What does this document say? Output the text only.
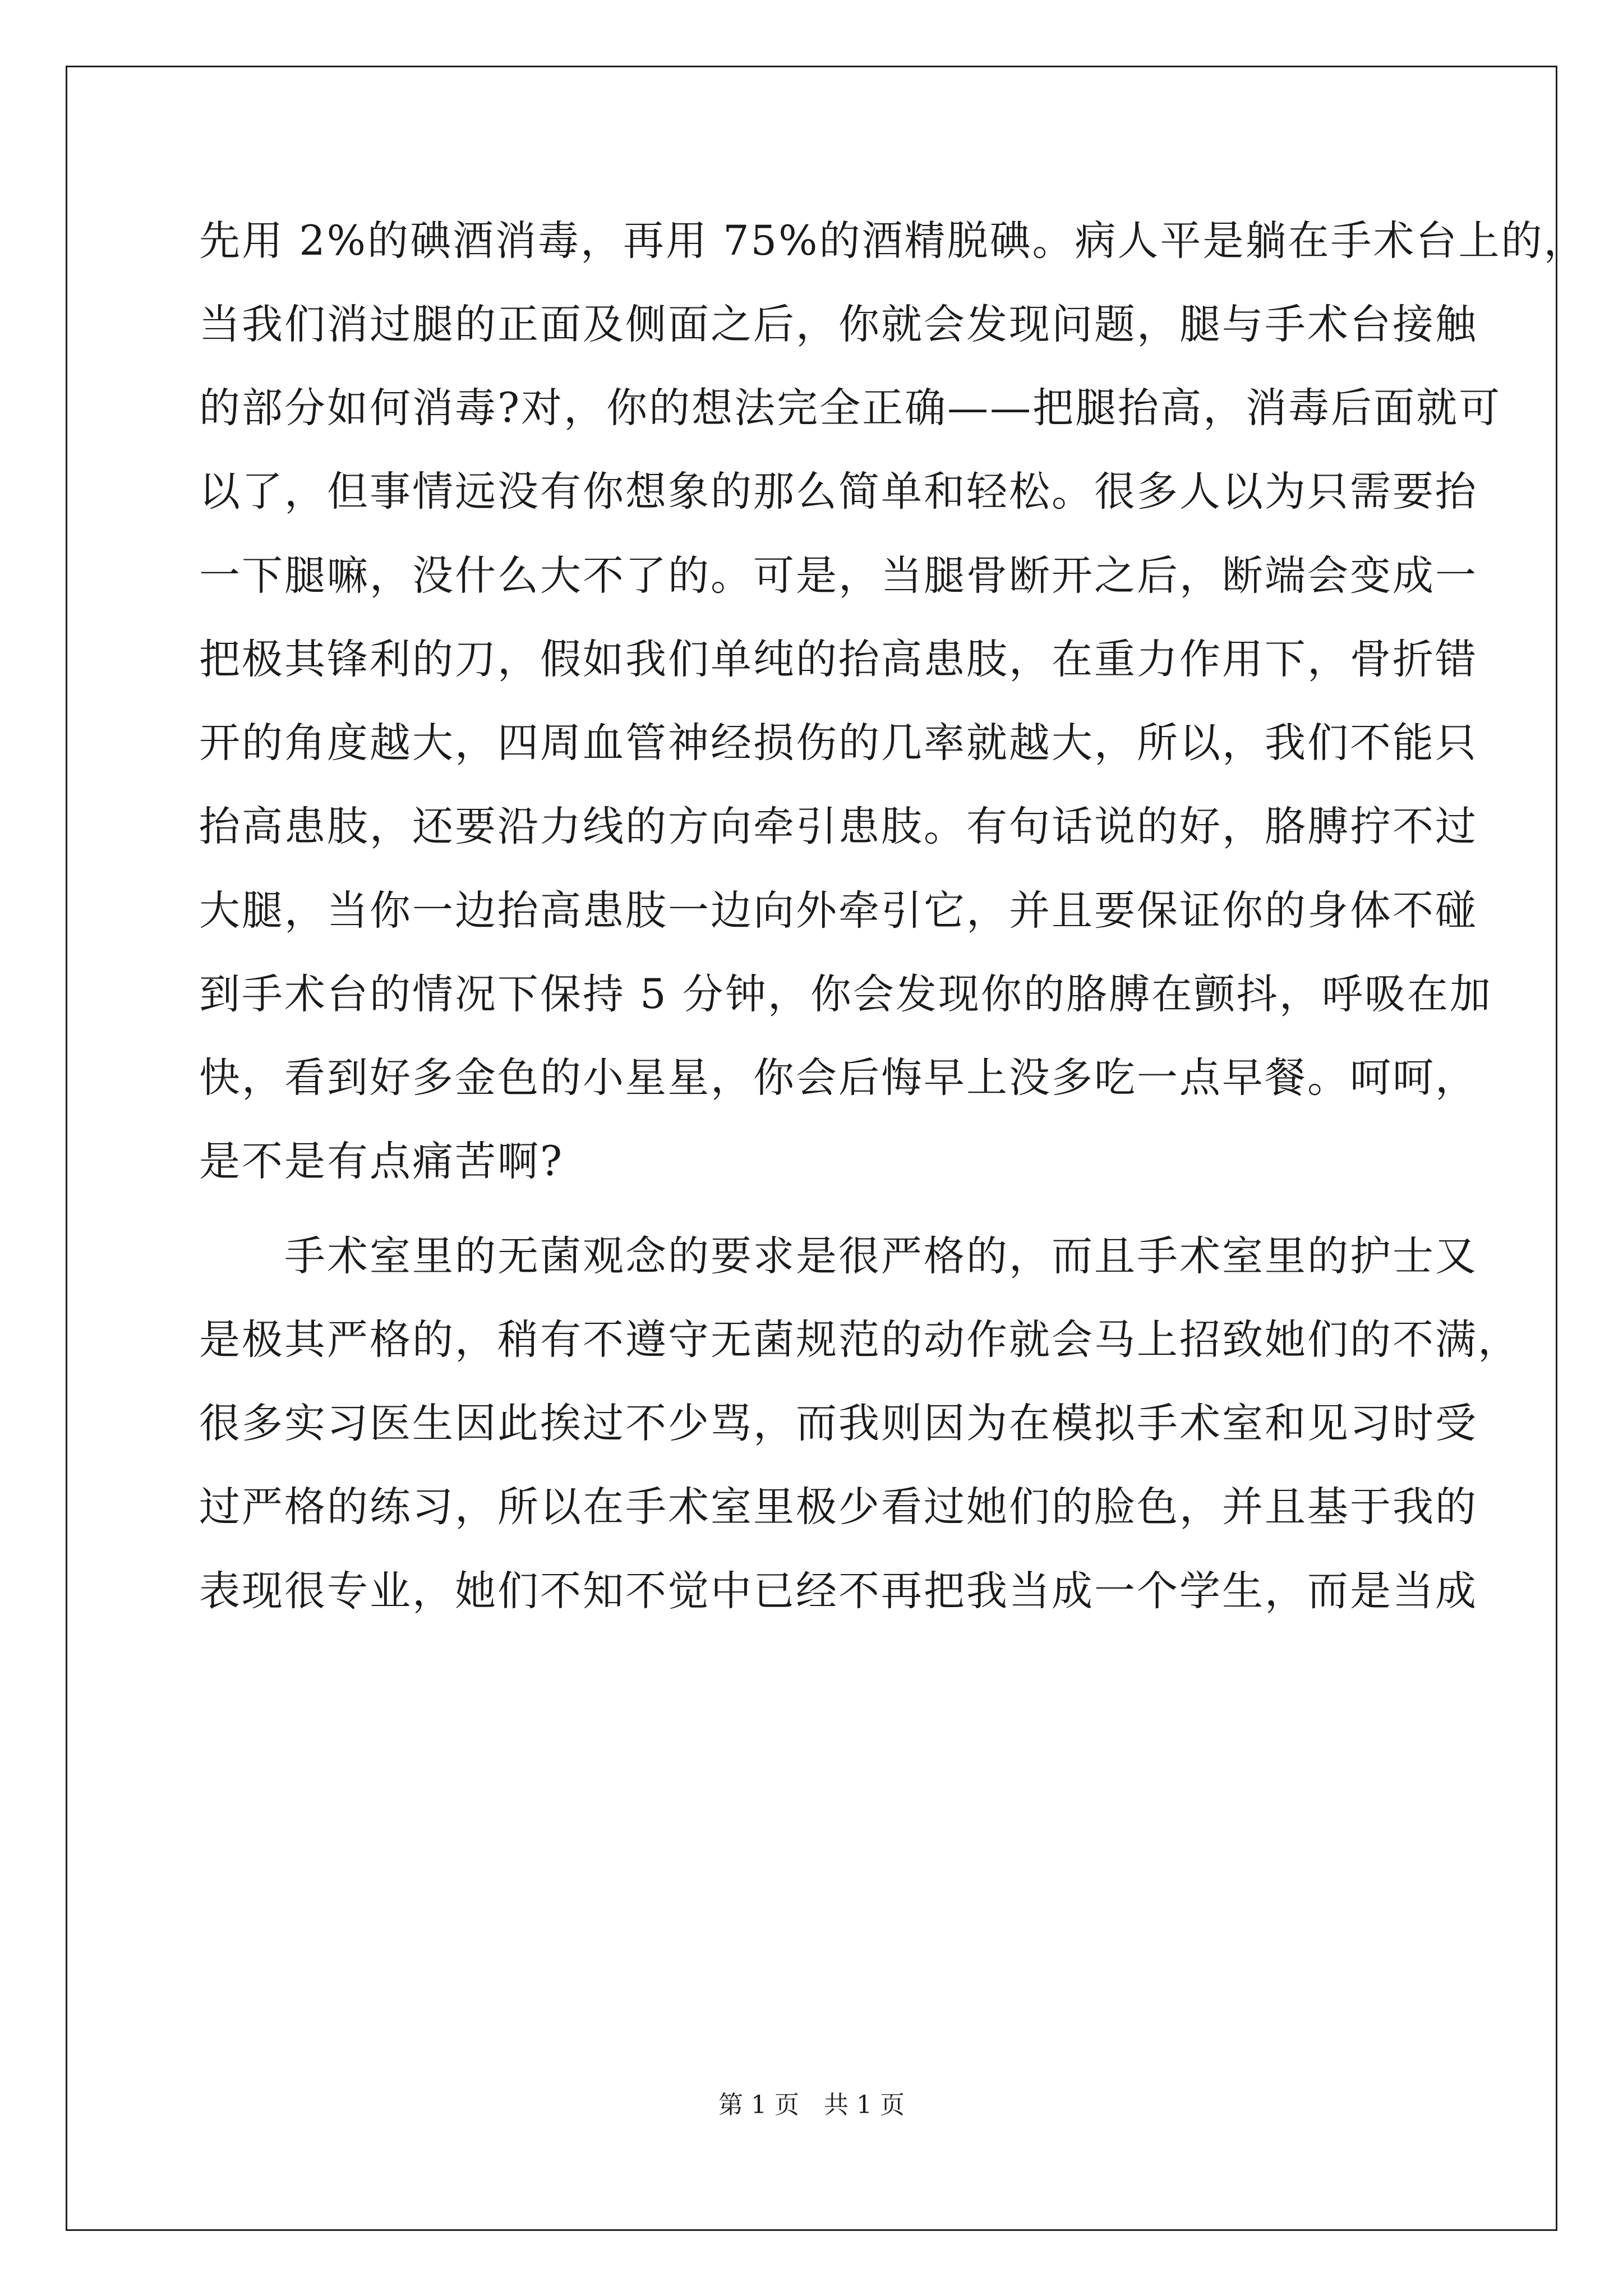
先用 2%的碘酒消毒，再用 75%的酒精脱碘。病人平是躺在手术台上的，
当我们消过腿的正面及侧面之后，你就会发现问题，腿与手术台接触
的部分如何消毒?对，你的想法完全正确——把腿抬高，消毒后面就可
以了，但事情远没有你想象的那么简单和轻松。很多人以为只需要抬
一下腿嘛，没什么大不了的。可是，当腿骨断开之后，断端会变成一
把极其锋利的刀，假如我们单纯的抬高患肢，在重力作用下，骨折错
开的角度越大，四周血管神经损伤的几率就越大，所以，我们不能只
抬高患肢，还要沿力线的方向牵引患肢。有句话说的好，胳膊拧不过
大腿，当你一边抬高患肢一边向外牵引它，并且要保证你的身体不碰
到手术台的情况下保持 5 分钟，你会发现你的胳膊在颤抖，呼吸在加
快，看到好多金色的小星星，你会后悔早上没多吃一点早餐。呵呵，
是不是有点痛苦啊?
　　手术室里的无菌观念的要求是很严格的，而且手术室里的护士又
是极其严格的，稍有不遵守无菌规范的动作就会马上招致她们的不满，
很多实习医生因此挨过不少骂，而我则因为在模拟手术室和见习时受
过严格的练习，所以在手术室里极少看过她们的脸色，并且基于我的
表现很专业，她们不知不觉中已经不再把我当成一个学生，而是当成
第 1 页　共 1 页
